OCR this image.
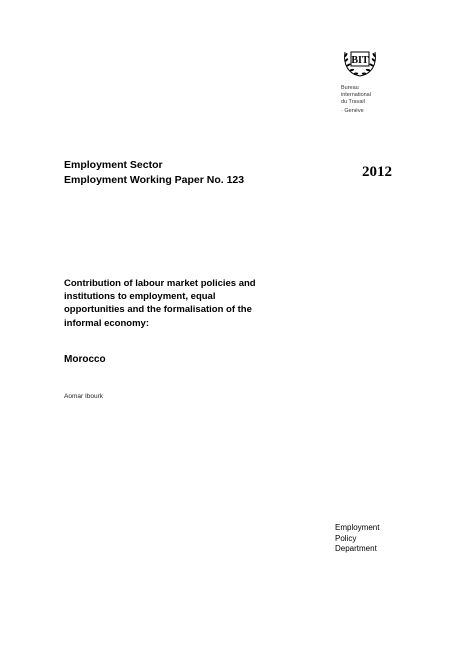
BIT
Bureau
international
du Travail
· Genève
Employment Sector
Employment Working Paper No. 123	2012
Contribution of labour market policies and institutions to employment, equal opportunities and the formalisation of the informal economy:
Morocco
Aomar Ibourk
Employment
Policy
Department
